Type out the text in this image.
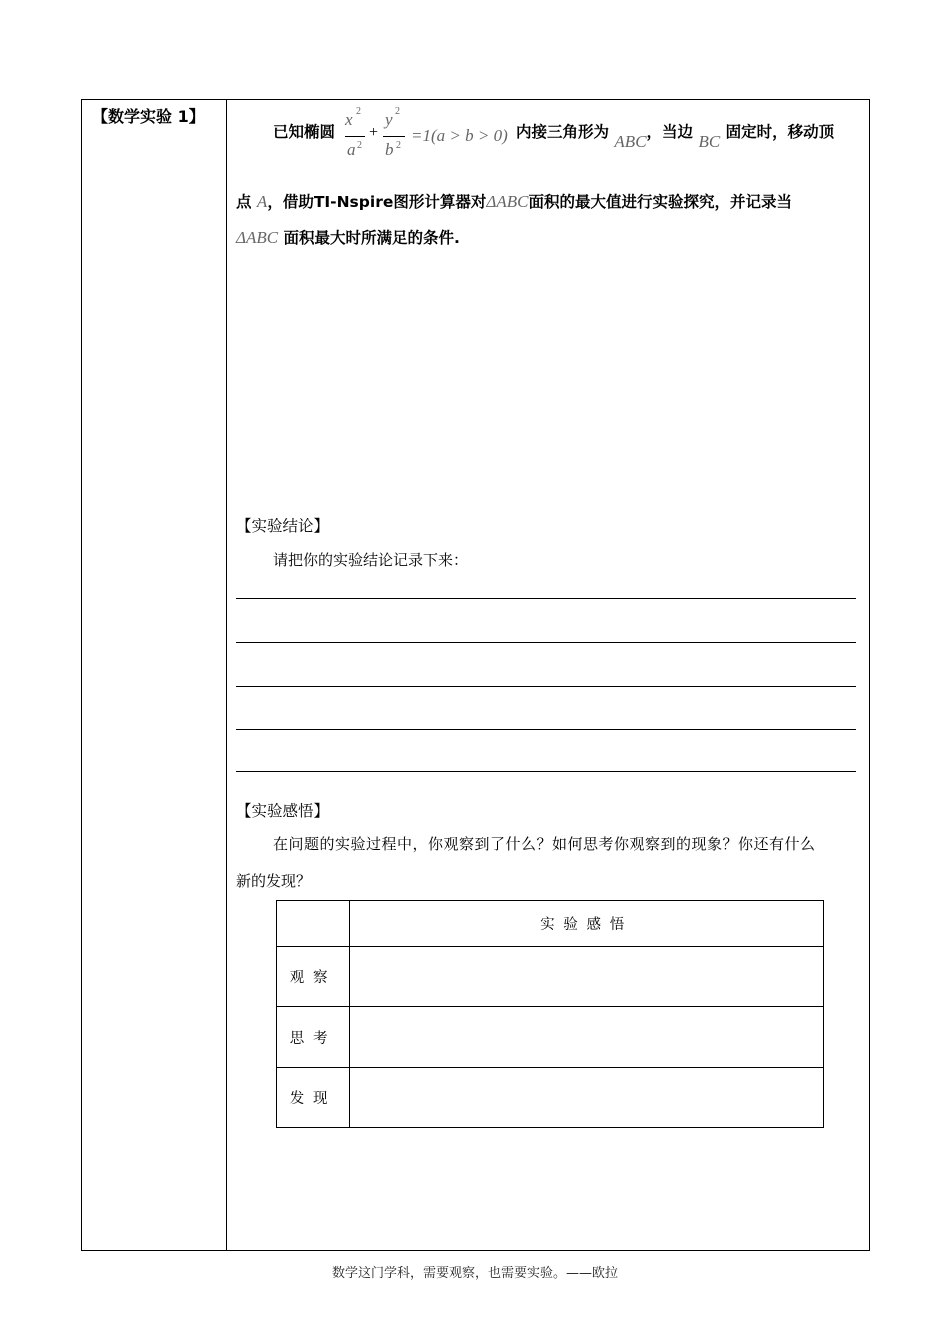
【数学实验 1】
已知椭圆
x 2
a 2
+
y 2
b 2
=1(a > b > 0) 内接三角形为 ABC，当边 BC 固定时，移动顶
点 A，借助TI-Nspire图形计算器对ΔABC面积的最大值进行实验探究，并记录当
ΔABC 面积最大时所满足的条件.
【实验结论】
请把你的实验结论记录下来：
【实验感悟】
在问题的实验过程中，你观察到了什么？如何思考你观察到的现象？你还有什么
新的发现？
	实验感悟
观察	
思考	
发现	
数学这门学科，需要观察，也需要实验。——欧拉
